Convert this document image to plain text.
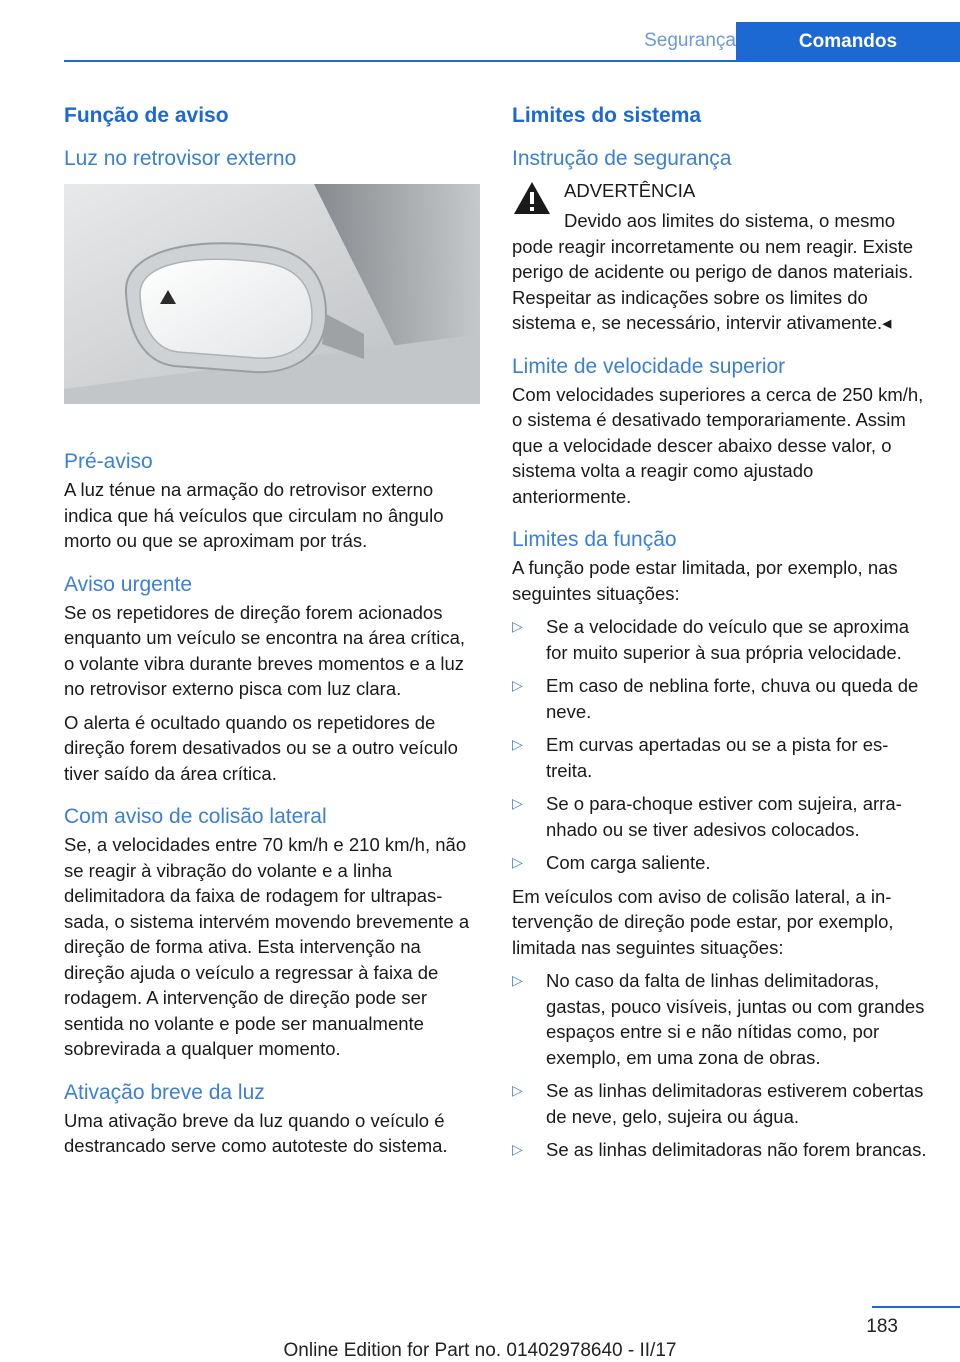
Segurança	Comandos
Função de aviso
Luz no retrovisor externo
Pré-aviso

A luz ténue na armação do retrovisor externo indica que há veículos que circulam no ângulo morto ou que se aproximam por trás.

Aviso urgente

Se os repetidores de direção forem acionados enquanto um veículo se encontra na área crítica, o volante vibra durante breves momentos e a luz no retrovisor externo pisca com luz clara.

O alerta é ocultado quando os repetidores de direção forem desativados ou se a outro veículo tiver saído da área crítica.

Com aviso de colisão lateral

Se, a velocidades entre 70 km/h e 210 km/h, não se reagir à vibração do volante e a linha delimitadora da faixa de rodagem for ultrapassada, o sistema intervém movendo brevemente a direção de forma ativa. Esta intervenção na direção ajuda o veículo a regressar à faixa de rodagem. A intervenção de direção pode ser sentida no volante e pode ser manualmente sobrevirada a qualquer momento.

Ativação breve da luz

Uma ativação breve da luz quando o veículo é destrancado serve como autoteste do sistema.

Limites do sistema
Instrução de segurança
ADVERTÊNCIA

Devido aos limites do sistema, o mesmo pode reagir incorretamente ou nem reagir. Existe perigo de acidente ou perigo de danos materiais. Respeitar as indicações sobre os limites do sistema e, se necessário, intervir ativamente.◂

Limite de velocidade superior

Com velocidades superiores a cerca de 250 km/h, o sistema é desativado temporariamente. Assim que a velocidade descer abaixo desse valor, o sistema volta a reagir como ajustado anteriormente.

Limites da função

A função pode estar limitada, por exemplo, nas seguintes situações:

▷ Se a velocidade do veículo que se aproxima for muito superior à sua própria velocidade.
▷ Em caso de neblina forte, chuva ou queda de neve.
▷ Em curvas apertadas ou se a pista for estreita.
▷ Se o para-choque estiver com sujeira, arranhado ou se tiver adesivos colocados.
▷ Com carga saliente.

Em veículos com aviso de colisão lateral, a intervenção de direção pode estar, por exemplo, limitada nas seguintes situações:

▷ No caso da falta de linhas delimitadoras, gastas, pouco visíveis, juntas ou com grandes espaços entre si e não nítidas como, por exemplo, em uma zona de obras.
▷ Se as linhas delimitadoras estiverem cobertas de neve, gelo, sujeira ou água.
▷ Se as linhas delimitadoras não forem brancas.
183
Online Edition for Part no. 01402978640 - II/17
